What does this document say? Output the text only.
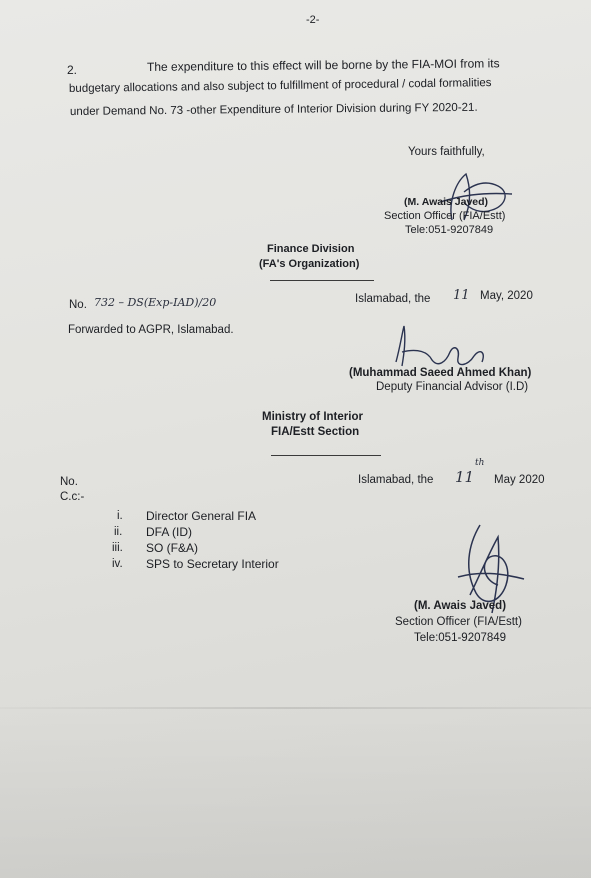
-2-
2.	The expenditure to this effect will be borne by the FIA-MOI from its
budgetary allocations and also subject to fulfillment of procedural / codal formalities
under Demand No. 73 -other Expenditure of Interior Division during FY 2020-21.
Yours faithfully,
(M. Awais Javed)
Section Officer (FIA/Estt)
Tele:051-9207849
Finance Division
(FA's Organization)
No. 732 – DS(Exp-IAD)/20	Islamabad, the 11 May, 2020
Forwarded to AGPR, Islamabad.
(Muhammad Saeed Ahmed Khan)
Deputy Financial Advisor (I.D)
Ministry of Interior
FIA/Estt Section
No.	Islamabad, the 11
th
May 2020
C.c:-
i. Director General FIA
ii. DFA (ID)
iii. SO (F&A)
iv. SPS to Secretary Interior
(M. Awais Javed)
Section Officer (FIA/Estt)
Tele:051-9207849
